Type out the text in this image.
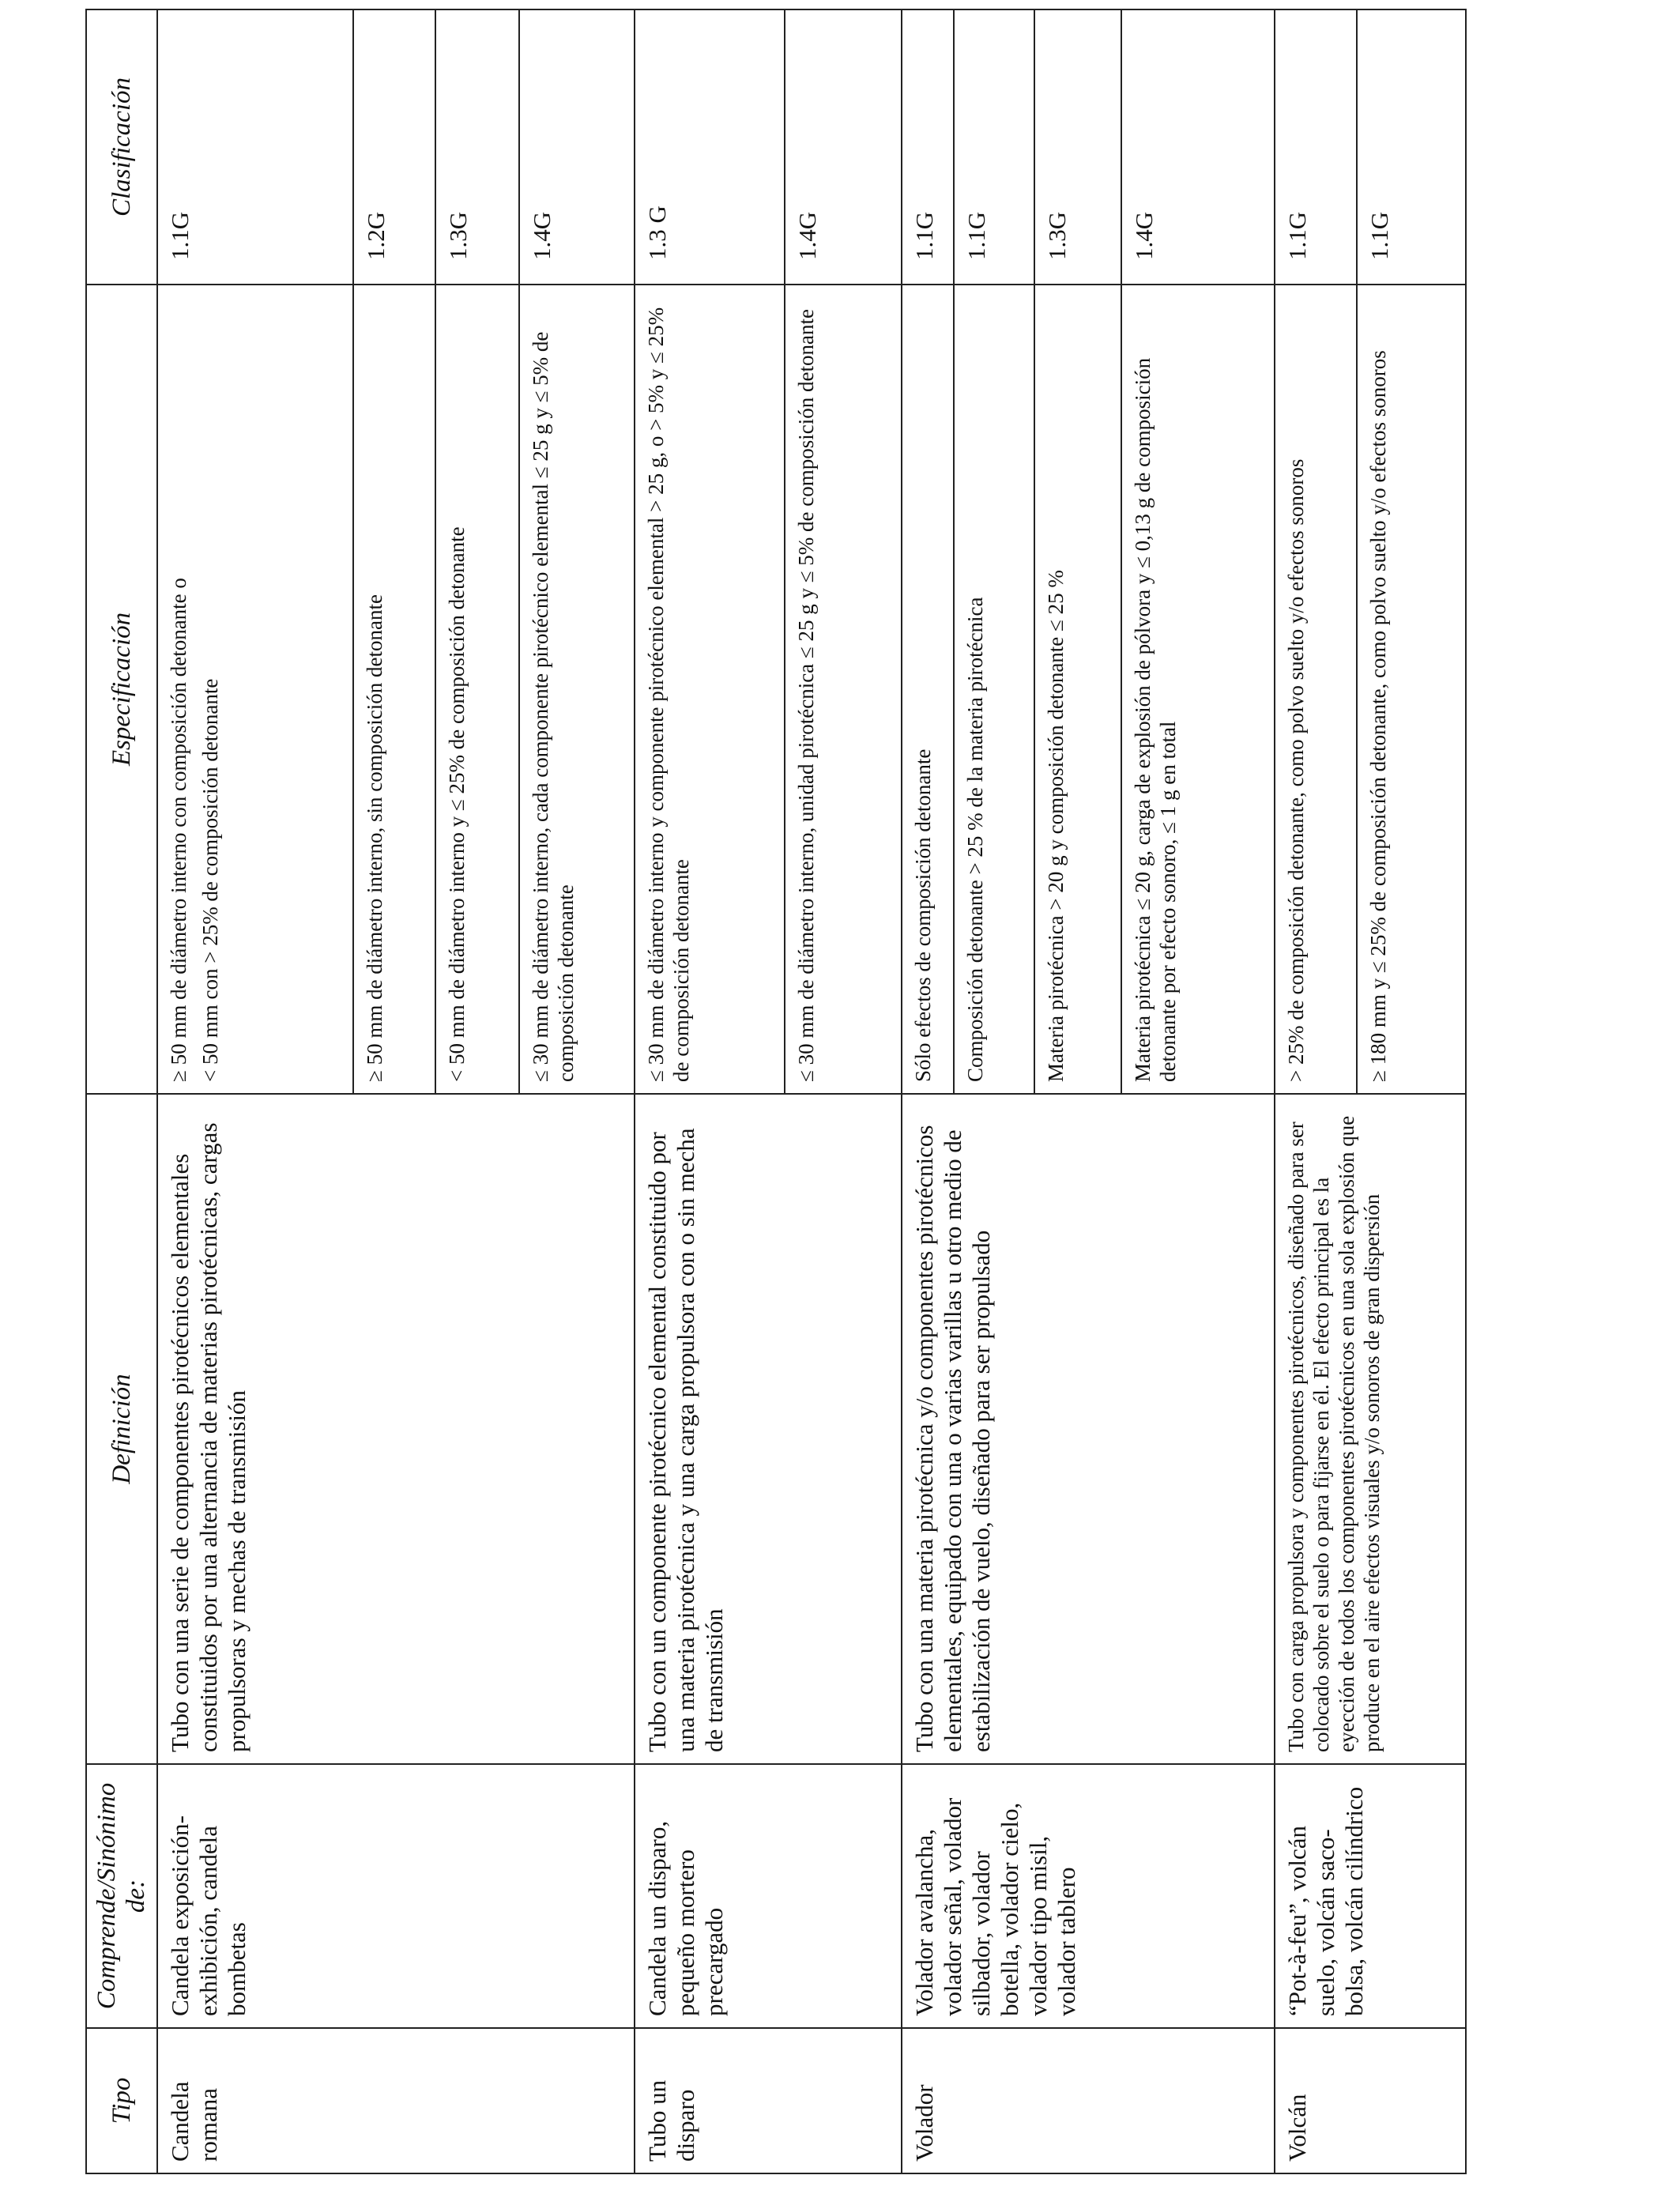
Tipo	Comprende/Sinónimo de:	Definición	Especificación	Clasificación
Candela romana	Candela exposición-exhibición, candela bombetas	Tubo con una serie de componentes pirotécnicos elementales constituidos por una alternancia de materias pirotécnicas, cargas propulsoras y mechas de transmisión	≥ 50 mm de diámetro interno con composición detonante o < 50 mm con > 25% de composición detonante	1.1G
			≥ 50 mm de diámetro interno, sin composición detonante	1.2G
			< 50 mm de diámetro interno y ≤ 25% de composición detonante	1.3G
			≤ 30 mm de diámetro interno, cada componente pirotécnico elemental ≤ 25 g y ≤ 5% de composición detonante	1.4G
Tubo un disparo	Candela un disparo, pequeño mortero precargado	Tubo con un componente pirotécnico elemental constituido por una materia pirotécnica y una carga propulsora con o sin mecha de transmisión	≤ 30 mm de diámetro interno y componente pirotécnico elemental > 25 g, o > 5% y ≤ 25% de composición detonante	1.3 G
			≤ 30 mm de diámetro interno, unidad pirotécnica ≤ 25 g y ≤ 5% de composición detonante	1.4G
Volador	Volador avalancha, volador señal, volador silbador, volador botella, volador cielo, volador tipo misil, volador tablero	Tubo con una materia pirotécnica y/o componentes pirotécnicos elementales, equipado con una o varias varillas u otro medio de estabilización de vuelo, diseñado para ser propulsado	Sólo efectos de composición detonante	1.1G
			Composición detonante > 25 % de la materia pirotécnica	1.1G
			Materia pirotécnica > 20 g y composición detonante ≤ 25 %	1.3G
			Materia pirotécnica ≤ 20 g, carga de explosión de pólvora y ≤ 0,13 g de composición detonante por efecto sonoro, ≤ 1 g en total	1.4G
Volcán	“Pot-à-feu”, volcán suelo, volcán saco-bolsa, volcán cilíndrico	Tubo con carga propulsora y componentes pirotécnicos, diseñado para ser colocado sobre el suelo o para fijarse en él. El efecto principal es la eyección de todos los componentes pirotécnicos en una sola explosión que produce en el aire efectos visuales y/o sonoros de gran dispersión	> 25% de composición detonante, como polvo suelto y/o efectos sonoros	1.1G
			≥ 180 mm y ≤ 25% de composición detonante, como polvo suelto y/o efectos sonoros	1.1G
